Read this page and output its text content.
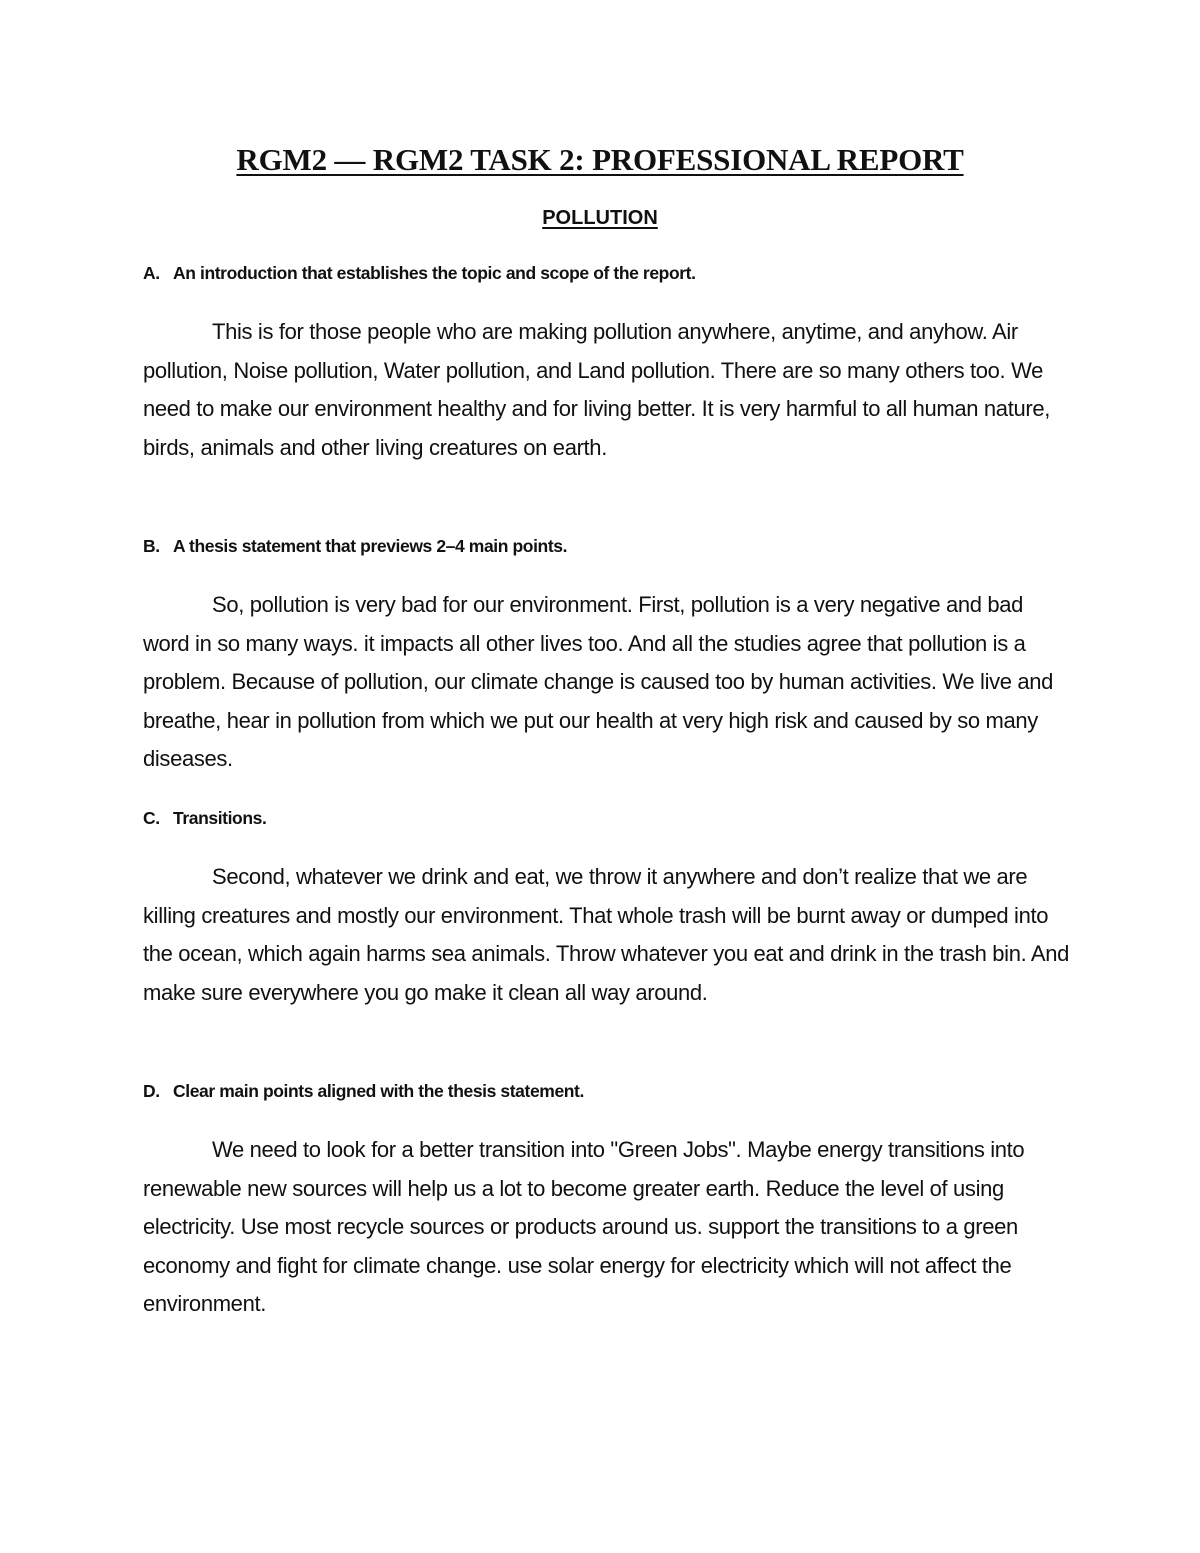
RGM2 — RGM2 TASK 2: PROFESSIONAL REPORT
POLLUTION
A. An introduction that establishes the topic and scope of the report.

This is for those people who are making pollution anywhere, anytime, and anyhow. Air pollution, Noise pollution, Water pollution, and Land pollution. There are so many others too. We need to make our environment healthy and for living better. It is very harmful to all human nature, birds, animals and other living creatures on earth.

B. A thesis statement that previews 2–4 main points.

So, pollution is very bad for our environment. First, pollution is a very negative and bad word in so many ways. it impacts all other lives too. And all the studies agree that pollution is a problem. Because of pollution, our climate change is caused too by human activities. We live and breathe, hear in pollution from which we put our health at very high risk and caused by so many diseases.

C. Transitions.

Second, whatever we drink and eat, we throw it anywhere and don’t realize that we are killing creatures and mostly our environment. That whole trash will be burnt away or dumped into the ocean, which again harms sea animals. Throw whatever you eat and drink in the trash bin. And make sure everywhere you go make it clean all way around.

D. Clear main points aligned with the thesis statement.

We need to look for a better transition into "Green Jobs". Maybe energy transitions into renewable new sources will help us a lot to become greater earth. Reduce the level of using electricity. Use most recycle sources or products around us. support the transitions to a green economy and fight for climate change. use solar energy for electricity which will not affect the environment.
